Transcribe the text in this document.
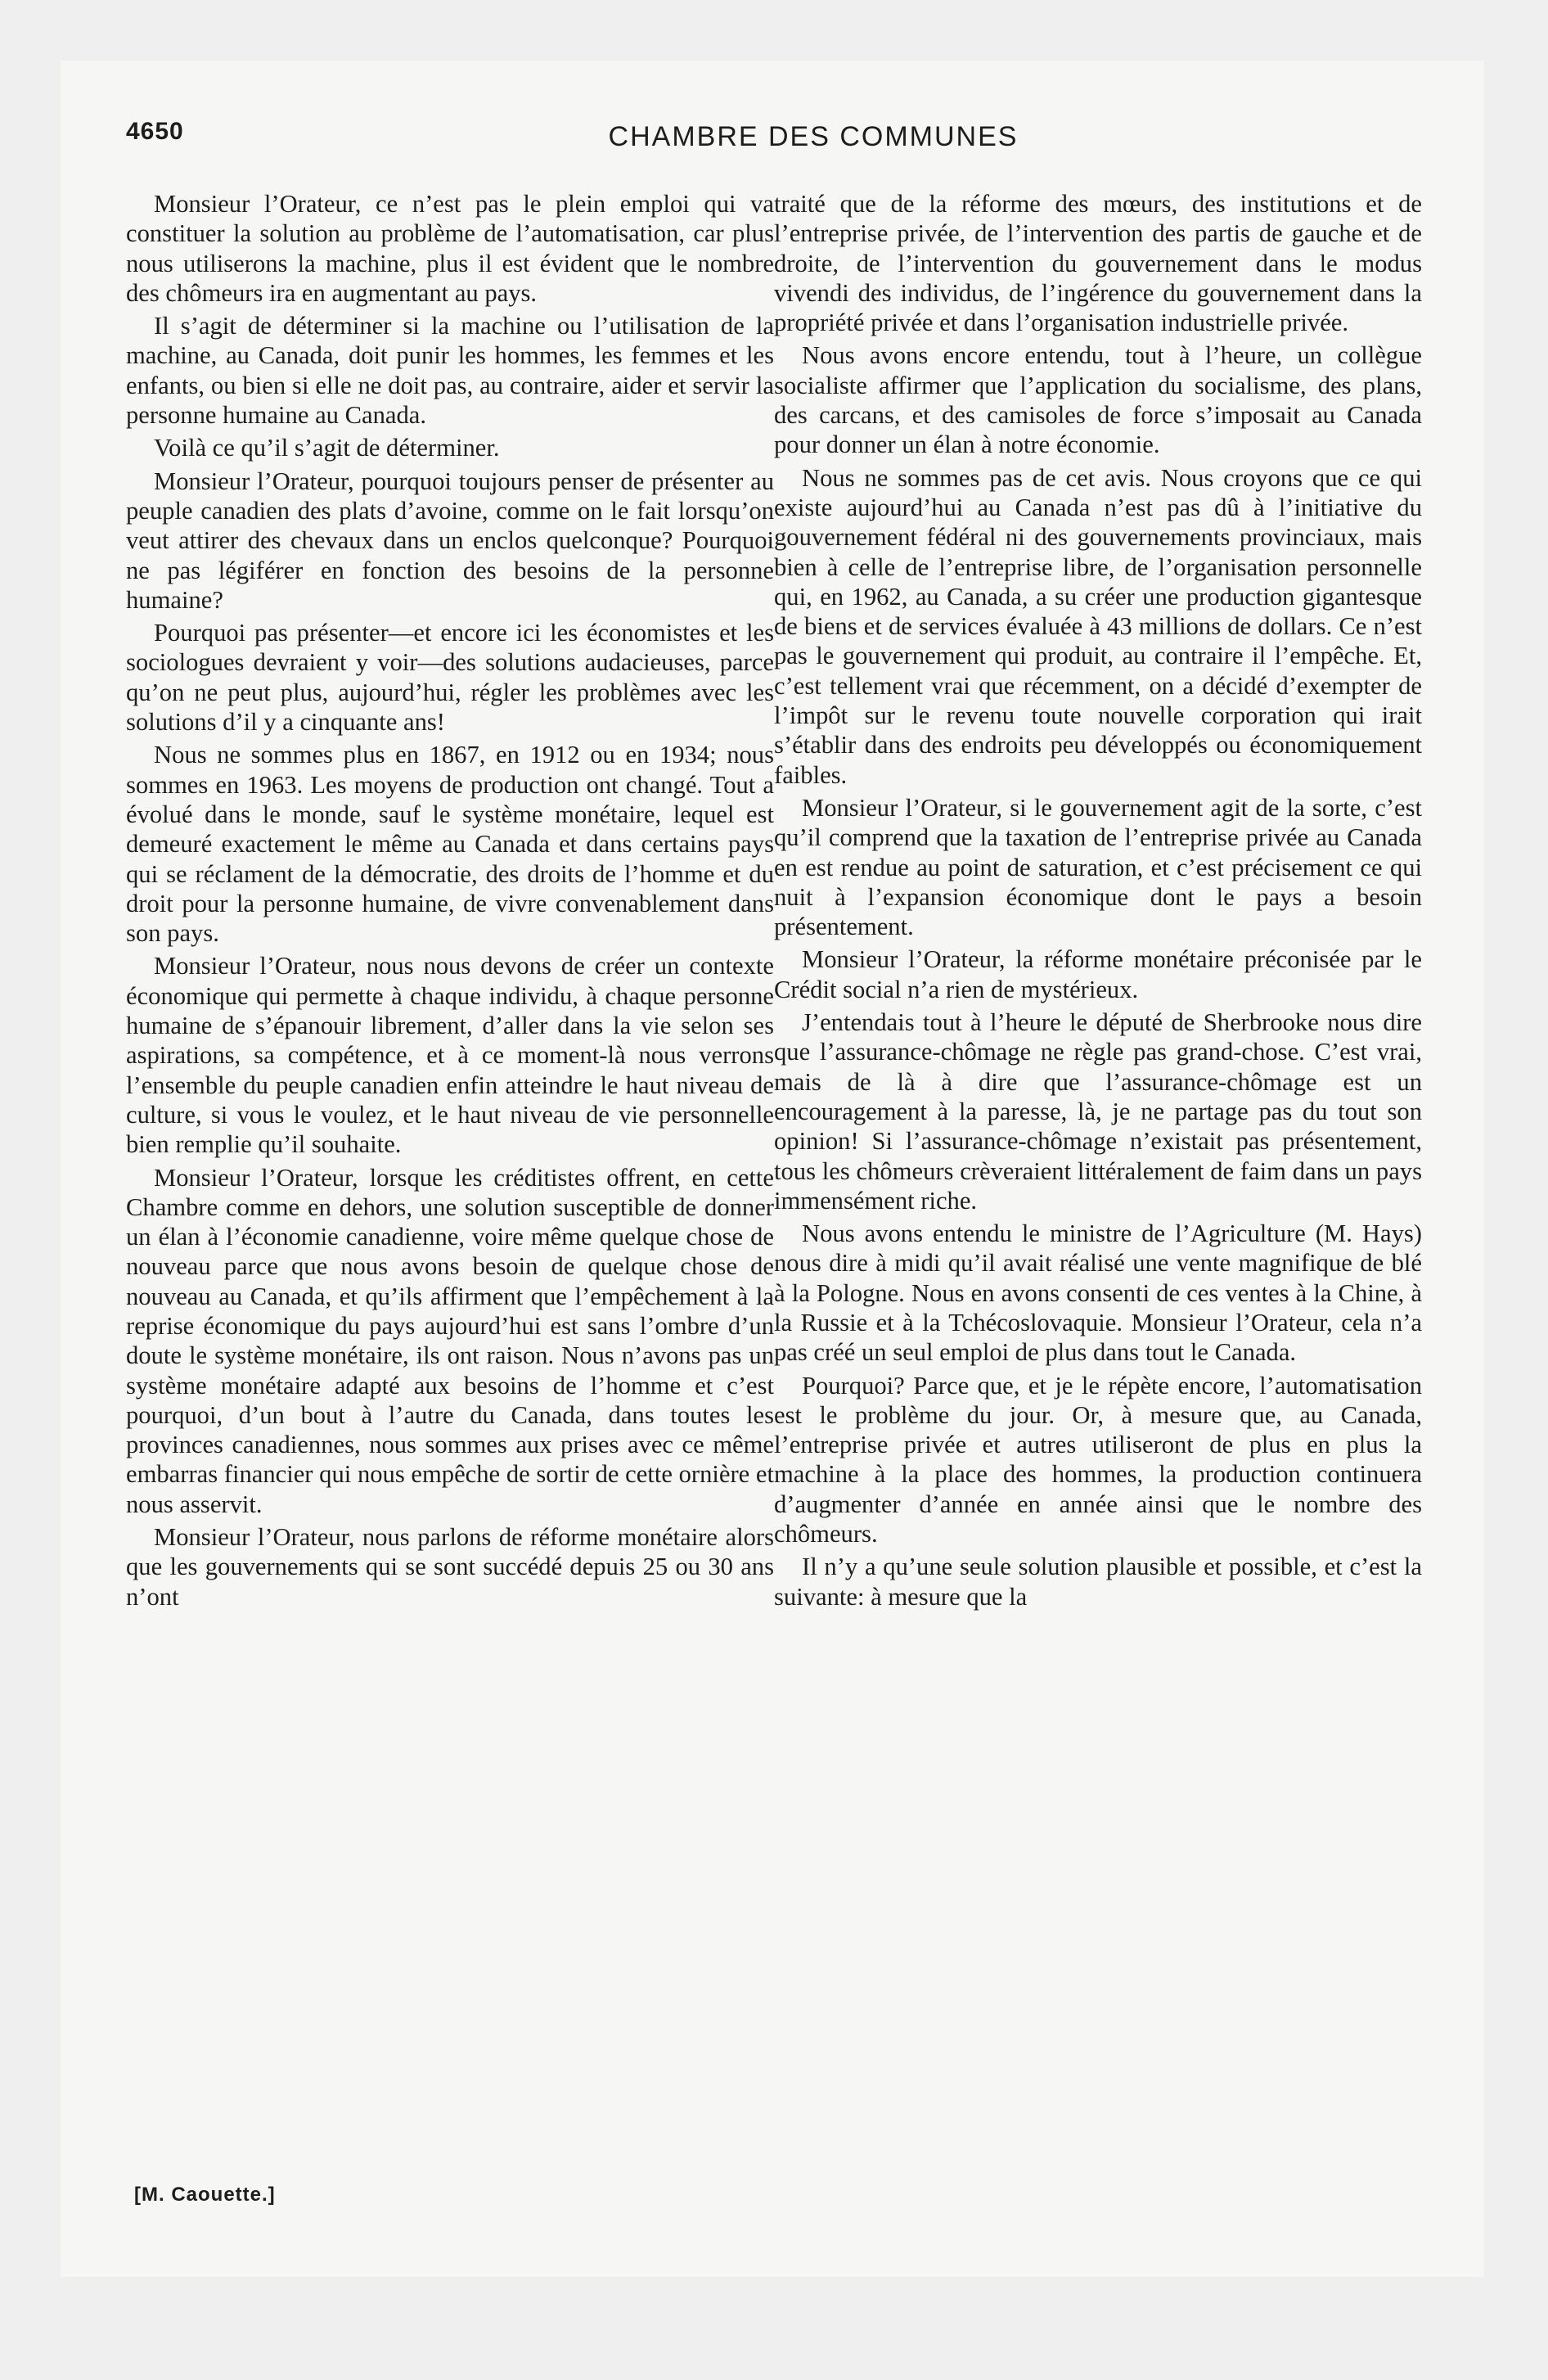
4650	CHAMBRE DES COMMUNES

Monsieur l’Orateur, ce n’est pas le plein emploi qui va constituer la solution au problème de l’automatisation, car plus nous utiliserons la machine, plus il est évident que le nombre des chômeurs ira en augmentant au pays.

Il s’agit de déterminer si la machine ou l’utilisation de la machine, au Canada, doit punir les hommes, les femmes et les enfants, ou bien si elle ne doit pas, au contraire, aider et servir la personne humaine au Canada.

Voilà ce qu’il s’agit de déterminer.

Monsieur l’Orateur, pourquoi toujours penser de présenter au peuple canadien des plats d’avoine, comme on le fait lorsqu’on veut attirer des chevaux dans un enclos quelconque? Pourquoi ne pas légiférer en fonction des besoins de la personne humaine?

Pourquoi pas présenter—et encore ici les économistes et les sociologues devraient y voir—des solutions audacieuses, parce qu’on ne peut plus, aujourd’hui, régler les problèmes avec les solutions d’il y a cinquante ans!

Nous ne sommes plus en 1867, en 1912 ou en 1934; nous sommes en 1963. Les moyens de production ont changé. Tout a évolué dans le monde, sauf le système monétaire, lequel est demeuré exactement le même au Canada et dans certains pays qui se réclament de la démocratie, des droits de l’homme et du droit pour la personne humaine, de vivre convenablement dans son pays.

Monsieur l’Orateur, nous nous devons de créer un contexte économique qui permette à chaque individu, à chaque personne humaine de s’épanouir librement, d’aller dans la vie selon ses aspirations, sa compétence, et à ce moment-là nous verrons l’ensemble du peuple canadien enfin atteindre le haut niveau de culture, si vous le voulez, et le haut niveau de vie personnelle bien remplie qu’il souhaite.

Monsieur l’Orateur, lorsque les créditistes offrent, en cette Chambre comme en dehors, une solution susceptible de donner un élan à l’économie canadienne, voire même quelque chose de nouveau parce que nous avons besoin de quelque chose de nouveau au Canada, et qu’ils affirment que l’empêchement à la reprise économique du pays aujourd’hui est sans l’ombre d’un doute le système monétaire, ils ont raison. Nous n’avons pas un système monétaire adapté aux besoins de l’homme et c’est pourquoi, d’un bout à l’autre du Canada, dans toutes les provinces canadiennes, nous sommes aux prises avec ce même embarras financier qui nous empêche de sortir de cette ornière et nous asservit.

Monsieur l’Orateur, nous parlons de réforme monétaire alors que les gouvernements qui se sont succédé depuis 25 ou 30 ans n’ont

[M. Caouette.]

traité que de la réforme des mœurs, des institutions et de l’entreprise privée, de l’intervention des partis de gauche et de droite, de l’intervention du gouvernement dans le modus vivendi des individus, de l’ingérence du gouvernement dans la propriété privée et dans l’organisation industrielle privée.

Nous avons encore entendu, tout à l’heure, un collègue socialiste affirmer que l’application du socialisme, des plans, des carcans, et des camisoles de force s’imposait au Canada pour donner un élan à notre économie.

Nous ne sommes pas de cet avis. Nous croyons que ce qui existe aujourd’hui au Canada n’est pas dû à l’initiative du gouvernement fédéral ni des gouvernements provinciaux, mais bien à celle de l’entreprise libre, de l’organisation personnelle qui, en 1962, au Canada, a su créer une production gigantesque de biens et de services évaluée à 43 millions de dollars. Ce n’est pas le gouvernement qui produit, au contraire il l’empêche. Et, c’est tellement vrai que récemment, on a décidé d’exempter de l’impôt sur le revenu toute nouvelle corporation qui irait s’établir dans des endroits peu développés ou économiquement faibles.

Monsieur l’Orateur, si le gouvernement agit de la sorte, c’est qu’il comprend que la taxation de l’entreprise privée au Canada en est rendue au point de saturation, et c’est précisement ce qui nuit à l’expansion économique dont le pays a besoin présentement.

Monsieur l’Orateur, la réforme monétaire préconisée par le Crédit social n’a rien de mystérieux.

J’entendais tout à l’heure le député de Sherbrooke nous dire que l’assurance-chômage ne règle pas grand-chose. C’est vrai, mais de là à dire que l’assurance-chômage est un encouragement à la paresse, là, je ne partage pas du tout son opinion! Si l’assurance-chômage n’existait pas présentement, tous les chômeurs crèveraient littéralement de faim dans un pays immensément riche.

Nous avons entendu le ministre de l’Agriculture (M. Hays) nous dire à midi qu’il avait réalisé une vente magnifique de blé à la Pologne. Nous en avons consenti de ces ventes à la Chine, à la Russie et à la Tchécoslovaquie. Monsieur l’Orateur, cela n’a pas créé un seul emploi de plus dans tout le Canada.

Pourquoi? Parce que, et je le répète encore, l’automatisation est le problème du jour. Or, à mesure que, au Canada, l’entreprise privée et autres utiliseront de plus en plus la machine à la place des hommes, la production continuera d’augmenter d’année en année ainsi que le nombre des chômeurs.

Il n’y a qu’une seule solution plausible et possible, et c’est la suivante: à mesure que la
